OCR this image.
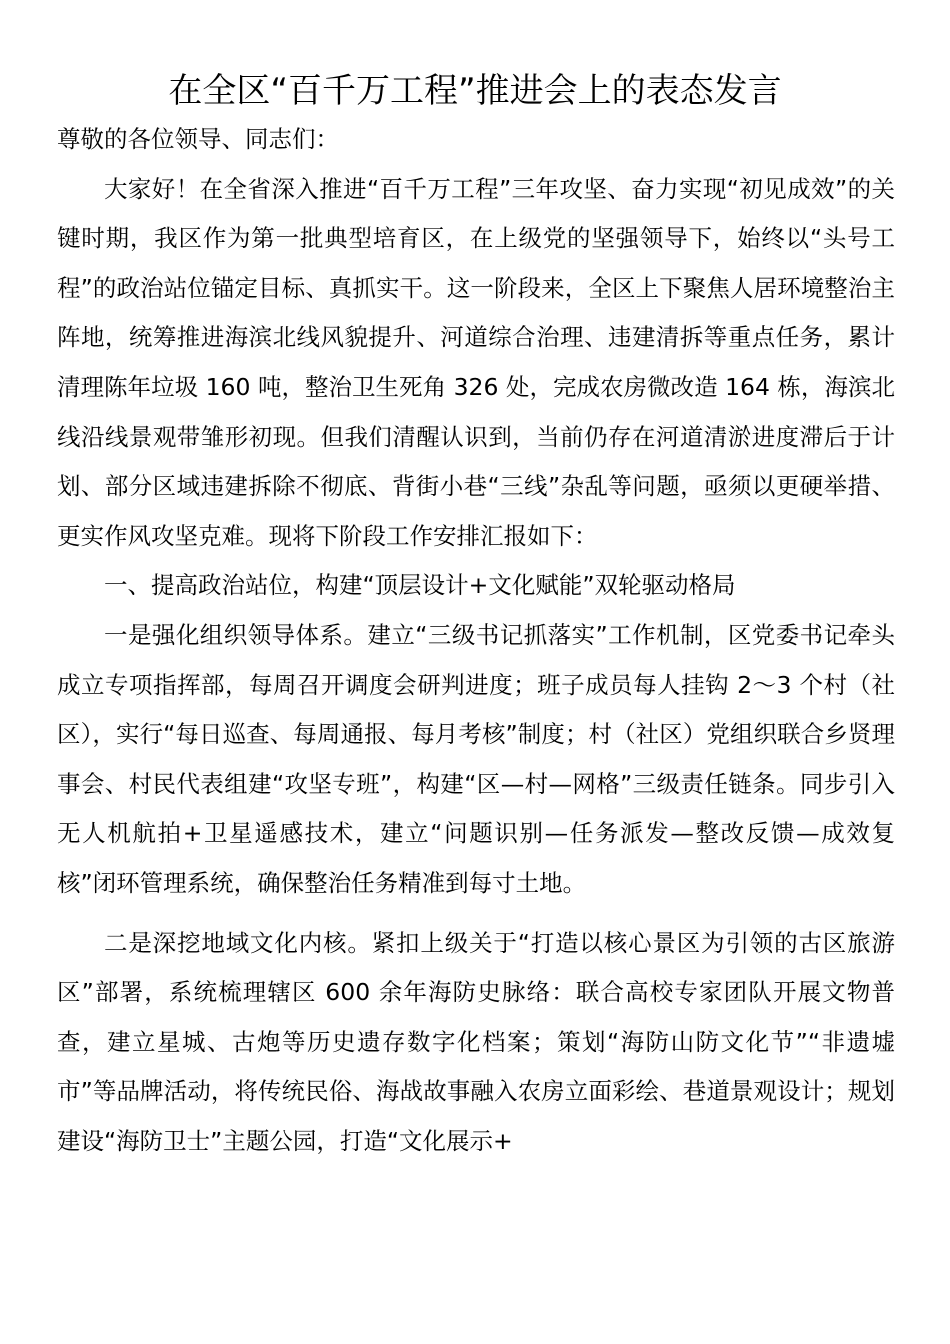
在全区“百千万工程”推进会上的表态发言

尊敬的各位领导、同志们：

大家好！在全省深入推进“百千万工程”三年攻坚、奋力实现“初见成效”的关键时期，我区作为第一批典型培育区，在上级党的坚强领导下，始终以“头号工程”的政治站位锚定目标、真抓实干。这一阶段来，全区上下聚焦人居环境整治主阵地，统筹推进海滨北线风貌提升、河道综合治理、违建清拆等重点任务，累计清理陈年垃圾 160 吨，整治卫生死角 326 处，完成农房微改造 164 栋，海滨北线沿线景观带雏形初现。但我们清醒认识到，当前仍存在河道清淤进度滞后于计划、部分区域违建拆除不彻底、背街小巷“三线”杂乱等问题，亟须以更硬举措、更实作风攻坚克难。现将下阶段工作安排汇报如下：

一、提高政治站位，构建“顶层设计+文化赋能”双轮驱动格局

一是强化组织领导体系。建立“三级书记抓落实”工作机制，区党委书记牵头成立专项指挥部，每周召开调度会研判进度；班子成员每人挂钩 2～3 个村（社区），实行“每日巡查、每周通报、每月考核”制度；村（社区）党组织联合乡贤理事会、村民代表组建“攻坚专班”，构建“区—村—网格”三级责任链条。同步引入无人机航拍+卫星遥感技术，建立“问题识别—任务派发—整改反馈—成效复核”闭环管理系统，确保整治任务精准到每寸土地。

二是深挖地域文化内核。紧扣上级关于“打造以核心景区为引领的古区旅游区”部署，系统梳理辖区 600 余年海防史脉络：联合高校专家团队开展文物普查，建立星城、古炮等历史遗存数字化档案；策划“海防山防文化节”“非遗墟市”等品牌活动，将传统民俗、海战故事融入农房立面彩绘、巷道景观设计；规划建设“海防卫士”主题公园，打造“文化展示+
